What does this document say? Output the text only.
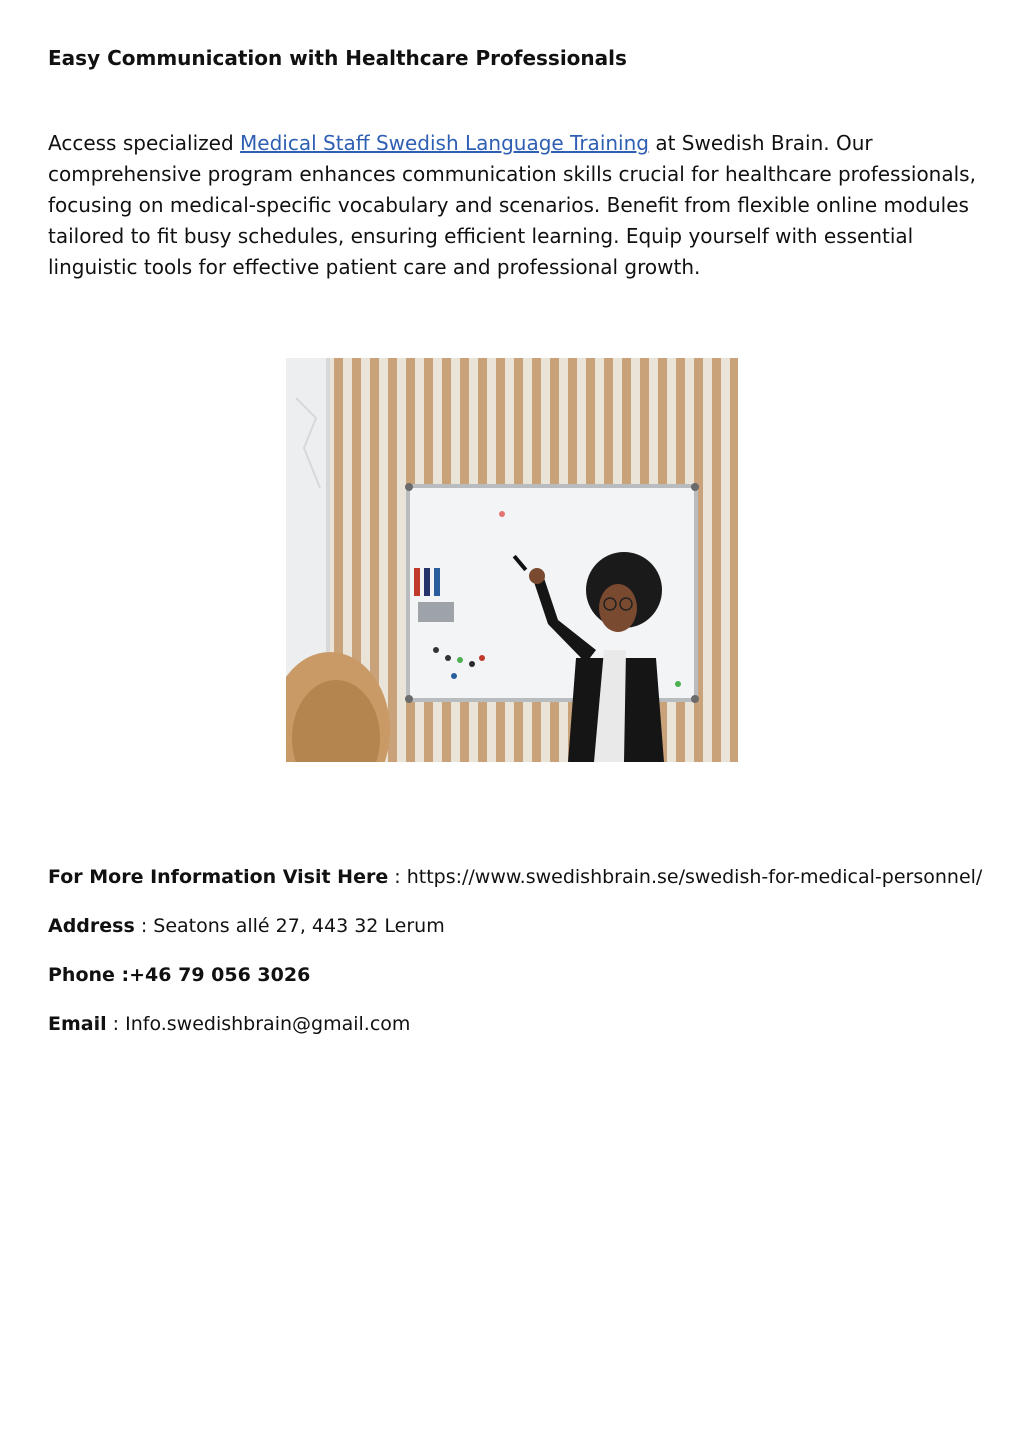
Easy Communication with Healthcare Professionals

Access specialized Medical Staff Swedish Language Training at Swedish Brain. Our comprehensive program enhances communication skills crucial for healthcare professionals, focusing on medical-specific vocabulary and scenarios. Benefit from flexible online modules tailored to fit busy schedules, ensuring efficient learning. Equip yourself with essential linguistic tools for effective patient care and professional growth.

For More Information Visit Here : https://www.swedishbrain.se/swedish-for-medical-personnel/

Address : Seatons allé 27, 443 32 Lerum

Phone :+46 79 056 3026

Email : Info.swedishbrain@gmail.com
